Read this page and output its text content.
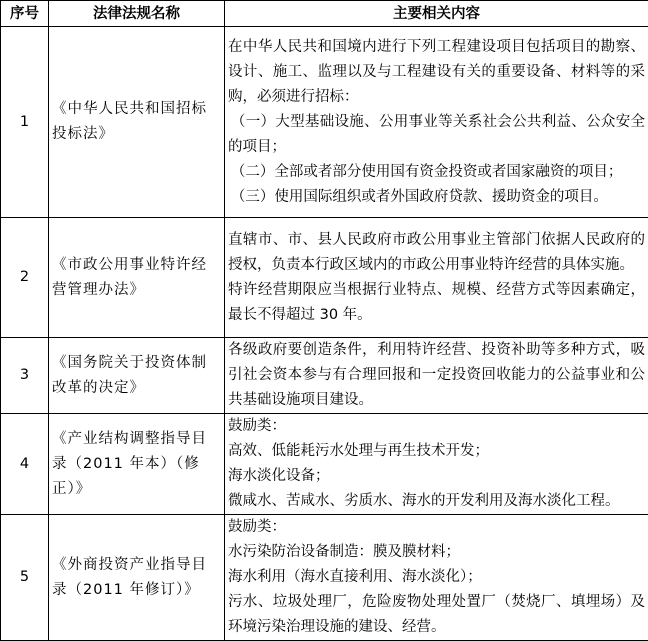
序号	法律法规名称	主要相关内容
1	《中华人民共和国招标投标法》	在中华人民共和国境内进行下列工程建设项目包括项目的勘察、设计、施工、监理以及与工程建设有关的重要设备、材料等的采购，必须进行招标：
（一）大型基础设施、公用事业等关系社会公共利益、公众安全的项目；
（二）全部或者部分使用国有资金投资或者国家融资的项目；
（三）使用国际组织或者外国政府贷款、援助资金的项目。

2	《市政公用事业特许经营管理办法》	直辖市、市、县人民政府市政公用事业主管部门依据人民政府的授权，负责本行政区域内的市政公用事业特许经营的具体实施。
特许经营期限应当根据行业特点、规模、经营方式等因素确定，最长不得超过 30 年。

3	《国务院关于投资体制改革的决定》	各级政府要创造条件，利用特许经营、投资补助等多种方式，吸引社会资本参与有合理回报和一定投资回收能力的公益事业和公共基础设施项目建设。

4	《产业结构调整指导目录（2011 年本）（修正）》	鼓励类：
高效、低能耗污水处理与再生技术开发；
海水淡化设备；
微咸水、苦咸水、劣质水、海水的开发利用及海水淡化工程。

5	《外商投资产业指导目录（2011 年修订）》	鼓励类：
水污染防治设备制造：膜及膜材料；
海水利用（海水直接利用、海水淡化）；
污水、垃圾处理厂，危险废物处理处置厂（焚烧厂、填埋场）及环境污染治理设施的建设、经营。
